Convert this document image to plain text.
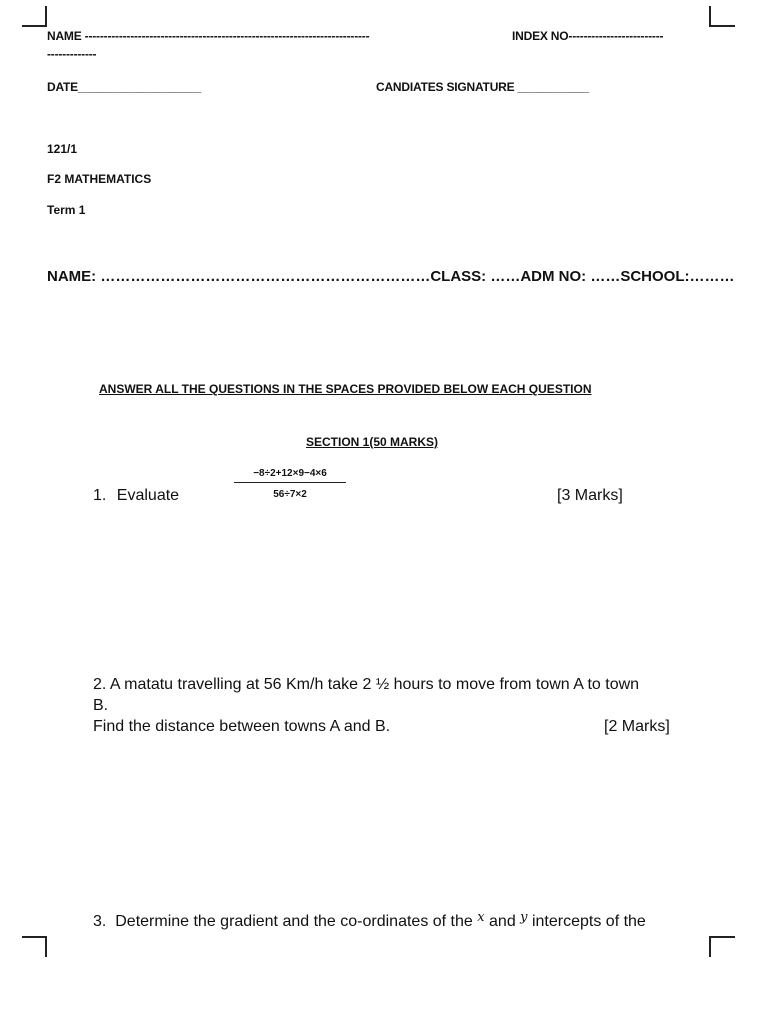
NAME ---------------------------------------------------------------------------	INDEX NO-------------------------
-------------
DATE___________________	CANDIATES SIGNATURE ___________
121/1
F2 MATHEMATICS
Term 1
NAME: …………………………………………………………CLASS: ……ADM NO: ……SCHOOL:………
ANSWER ALL THE QUESTIONS IN THE SPACES PROVIDED BELOW EACH QUESTION
SECTION 1(50 MARKS)
1. Evaluate
−8÷2+12×9−4×6
56÷7×2	[3 Marks]
2. A matatu travelling at 56 Km/h take 2 ½ hours to move from town A to town
B.
Find the distance between towns A and B.	[2 Marks]
3.  Determine the gradient and the co-ordinates of the $^x$ and $^y$ intercepts of the
